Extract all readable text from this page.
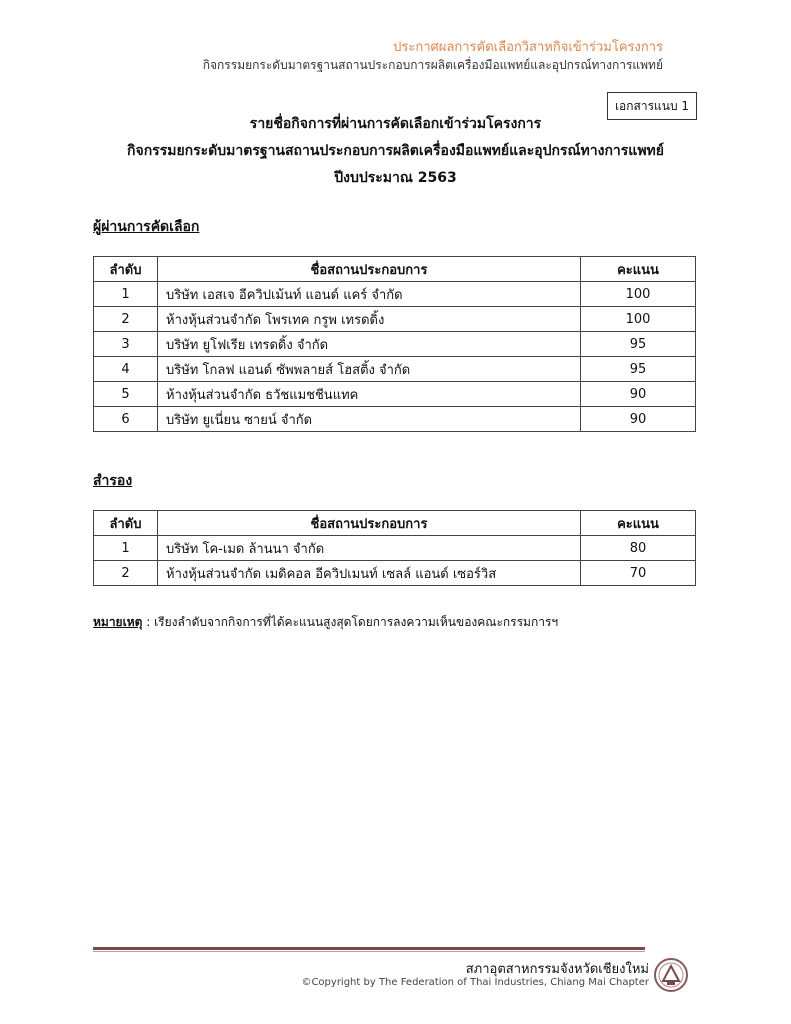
ประกาศผลการคัดเลือกวิสาหกิจเข้าร่วมโครงการ
กิจกรรมยกระดับมาตรฐานสถานประกอบการผลิตเครื่องมือแพทย์และอุปกรณ์ทางการแพทย์
เอกสารแนบ 1
รายชื่อกิจการที่ผ่านการคัดเลือกเข้าร่วมโครงการ
กิจกรรมยกระดับมาตรฐานสถานประกอบการผลิตเครื่องมือแพทย์และอุปกรณ์ทางการแพทย์
ปีงบประมาณ 2563
ผู้ผ่านการคัดเลือก
ลำดับ	ชื่อสถานประกอบการ	คะแนน
1	บริษัท เอสเจ อีควิปเม้นท์ แอนด์ แคร์ จำกัด	100
2	ห้างหุ้นส่วนจำกัด โพรเทค กรูพ เทรดดิ้ง	100
3	บริษัท ยูโฟเรีย เทรดดิ้ง จำกัด	95
4	บริษัท โกลฟ แอนด์ ซัพพลายส์ โฮสติ้ง จำกัด	95
5	ห้างหุ้นส่วนจำกัด ธวัชแมชชีนแทค	90
6	บริษัท ยูเนี่ยน ซายน์ จำกัด	90
สำรอง
ลำดับ	ชื่อสถานประกอบการ	คะแนน
1	บริษัท โค-เมด ล้านนา จำกัด	80
2	ห้างหุ้นส่วนจำกัด เมดิคอล อีควิปเมนท์ เซลล์ แอนด์ เซอร์วิส	70
หมายเหตุ : เรียงลำดับจากกิจการที่ได้คะแนนสูงสุดโดยการลงความเห็นของคณะกรรมการฯ
สภาอุตสาหกรรมจังหวัดเชียงใหม่
©Copyright by The Federation of Thai Industries, Chiang Mai Chapter
